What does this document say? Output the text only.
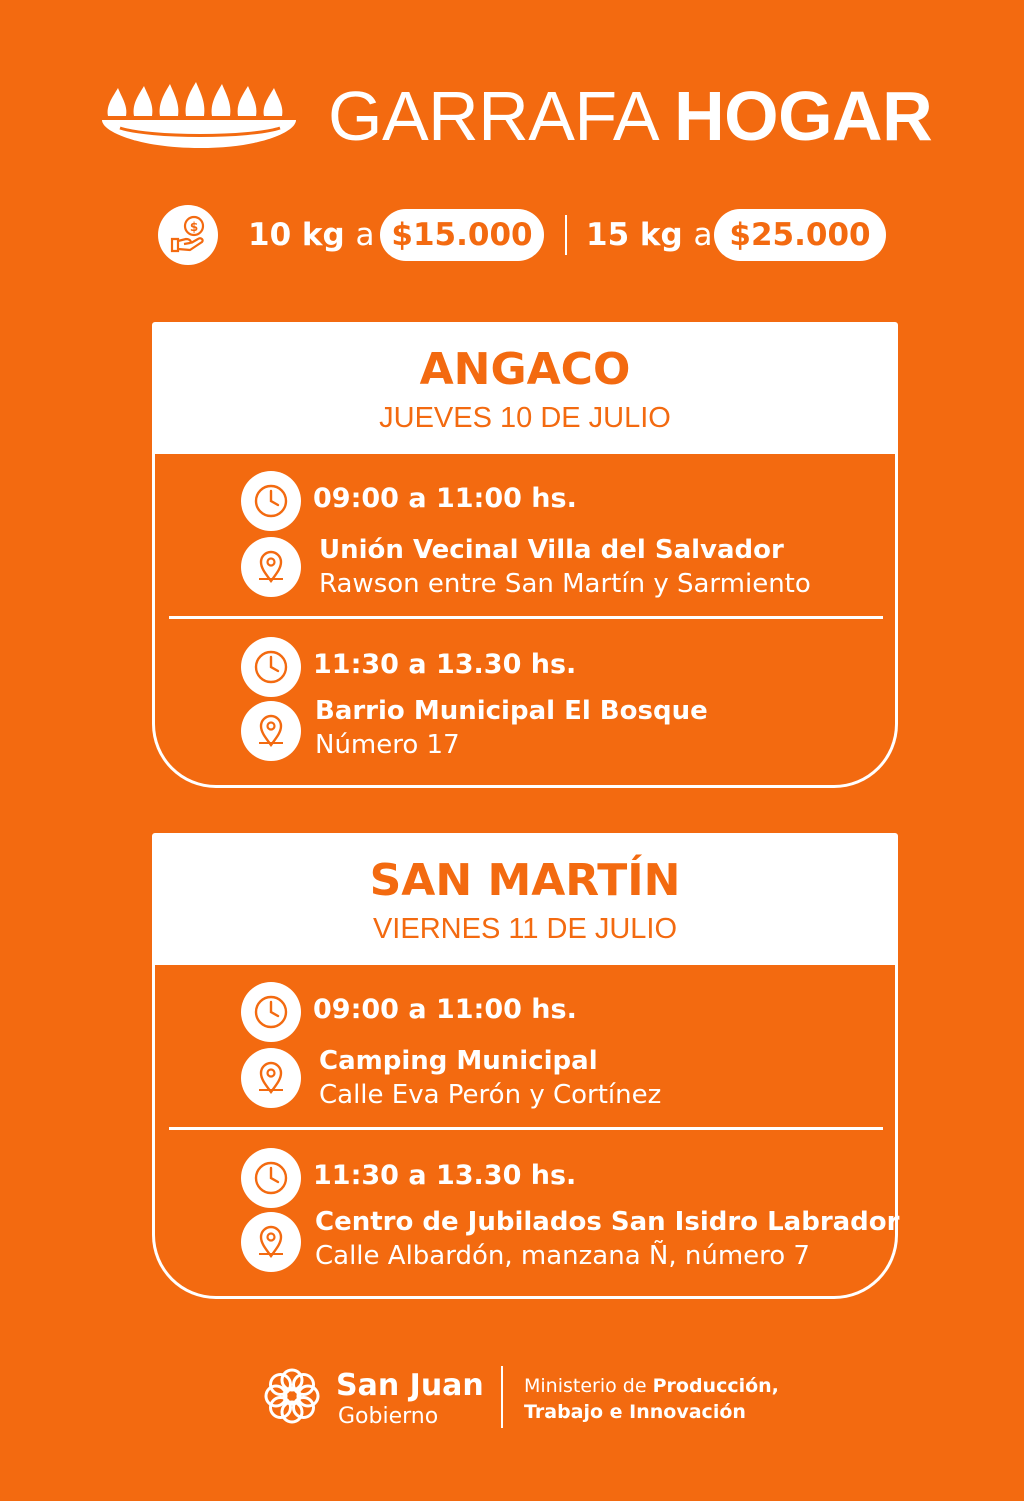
GARRAFA HOGAR
$ 10 kg a $15.000	15 kg a $25.000
ANGACO
JUEVES 10 DE JULIO
09:00 a 11:00 hs.
Unión Vecinal Villa del Salvador
Rawson entre San Martín y Sarmiento
11:30 a 13.30 hs.
Barrio Municipal El Bosque
Número 17
SAN MARTÍN
VIERNES 11 DE JULIO
09:00 a 11:00 hs.
Camping Municipal
Calle Eva Perón y Cortínez
11:30 a 13.30 hs.
Centro de Jubilados San Isidro Labrador
Calle Albardón, manzana Ñ, número 7
San Juan
Gobierno
Ministerio de Producción,
Trabajo e Innovación
